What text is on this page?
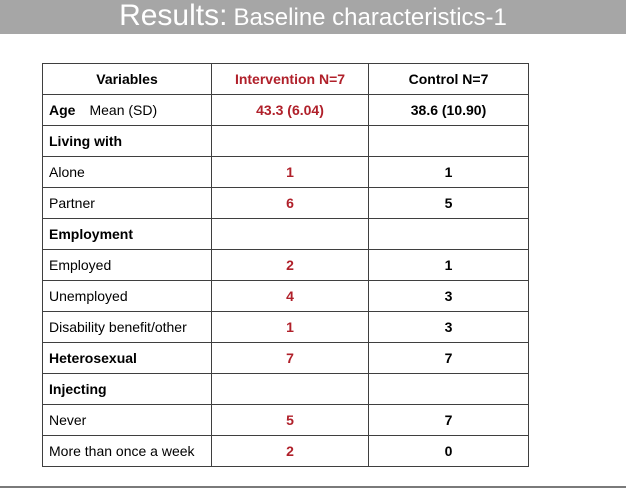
Results: Baseline characteristics-1
Variables	Intervention N=7	Control N=7
Age Mean (SD)	43.3 (6.04)	38.6 (10.90)
Living with		
Alone	1	1
Partner	6	5
Employment		
Employed	2	1
Unemployed	4	3
Disability benefit/other	1	3
Heterosexual	7	7
Injecting		
Never	5	7
More than once a week	2	0
